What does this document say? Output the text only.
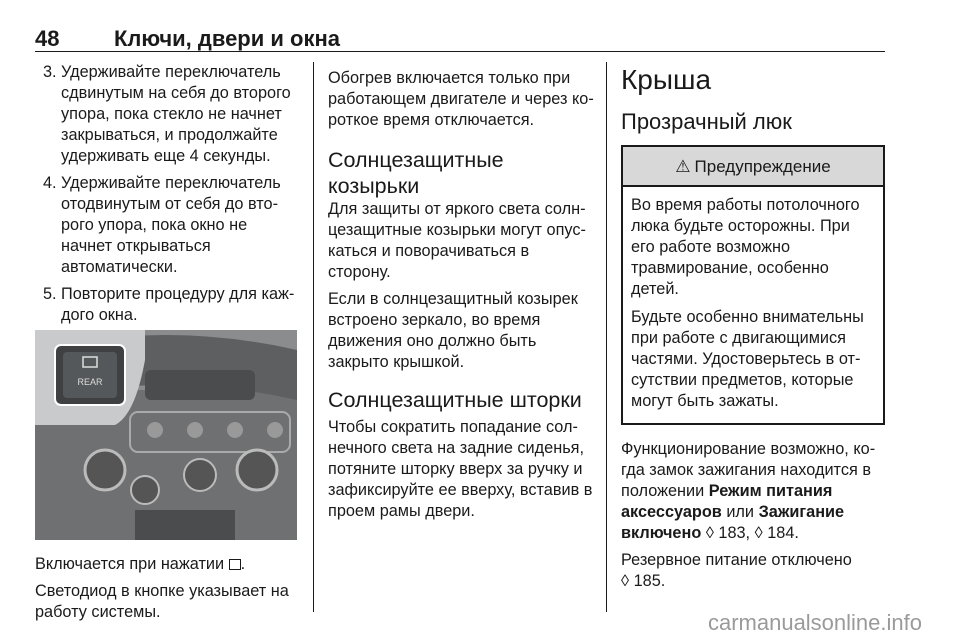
48 Ключи, двери и окна
3. Удерживайте переключатель сдвинутым на себя до второго упора, пока стекло не начнет закрываться, и продолжайте удерживать еще 4 секунды.
4. Удерживайте переключатель отодвинутым от себя до второго упора, пока окно не начнет открываться автоматически.
5. Повторите процедуру для каждого окна.
REAR

Включается при нажатии .

Светодиод в кнопке указывает на работу системы.

Обогрев включается только при работающем двигателе и через короткое время отключается.

Солнцезащитные
козырьки

Для защиты от яркого света солнцезащитные козырьки могут опускаться и поворачиваться в сторону.

Если в солнцезащитный козырек встроено зеркало, во время движения оно должно быть закрыто крышкой.

Солнцезащитные шторки

Чтобы сократить попадание солнечного света на задние сиденья, потяните шторку вверх за ручку и зафиксируйте ее вверху, вставив в проем рамы двери.

Крыша
Прозрачный люк
⚠ Предупреждение

Во время работы потолочного люка будьте осторожны. При его работе возможно травмирование, особенно детей.

Будьте особенно внимательны при работе с двигающимися частями. Удостоверьтесь в отсутствии предметов, которые могут быть зажаты.

Функционирование возможно, когда замок зажигания находится в положении Режим питания аксессуаров или Зажигание включено ◊ 183, ◊ 184.

Резервное питание отключено
◊ 185.

carmanualsonline.info
